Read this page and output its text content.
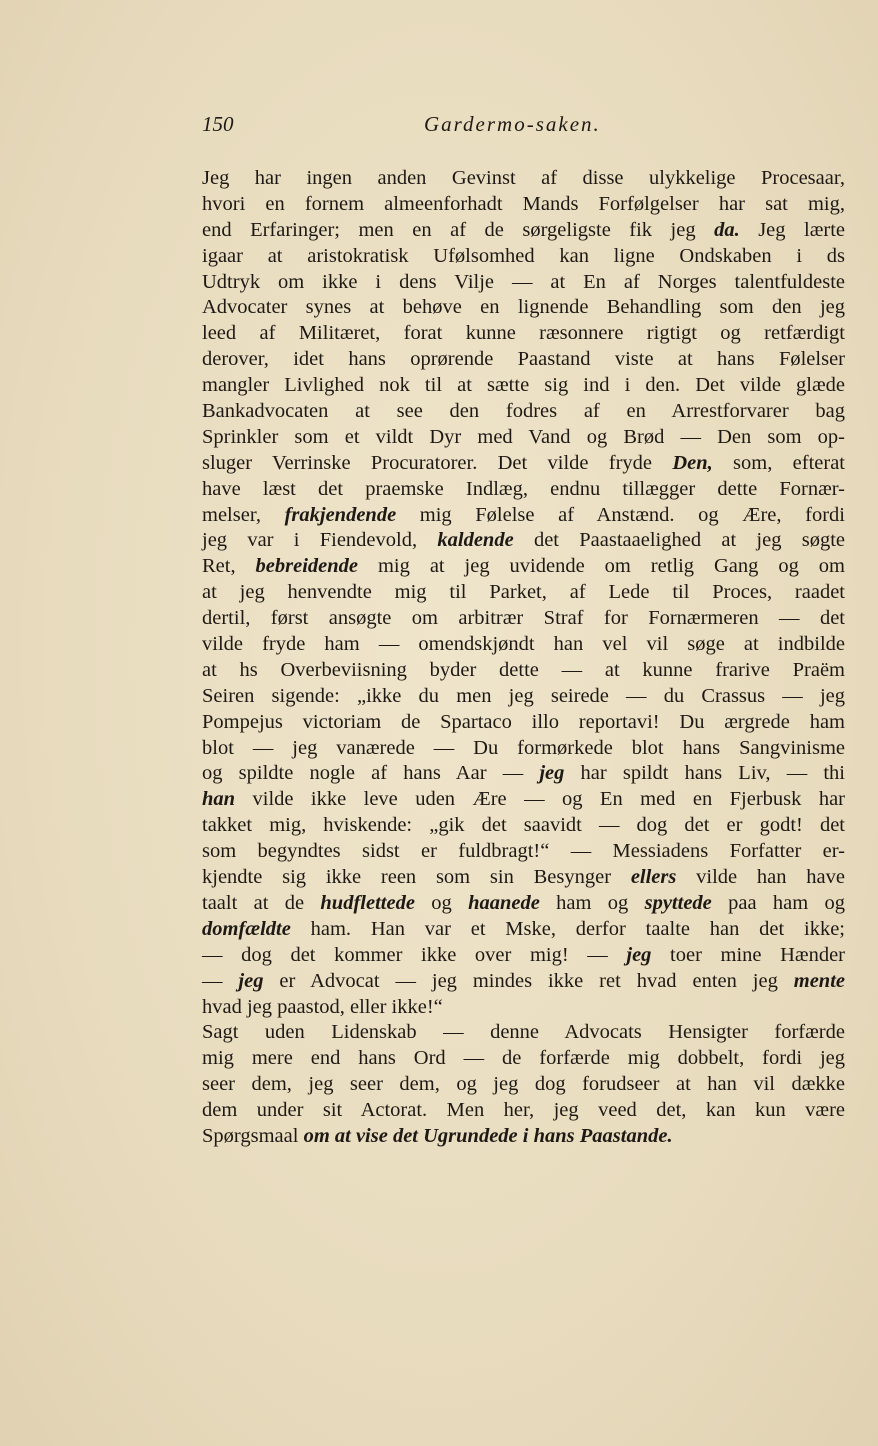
150	Gardermo-saken.
Jeg har ingen anden Gevinst af disse ulykkelige Procesaar,
hvori en fornem almeenforhadt Mands Forfølgelser har sat mig,
end Erfaringer; men en af de sørgeligste fik jeg da. Jeg lærte
igaar at aristokratisk Ufølsomhed kan ligne Ondskaben i ds
Udtryk om ikke i dens Vilje — at En af Norges talentfuldeste
Advocater synes at behøve en lignende Behandling som den jeg
leed af Militæret, forat kunne ræsonnere rigtigt og retfærdigt
derover, idet hans oprørende Paastand viste at hans Følelser
mangler Livlighed nok til at sætte sig ind i den. Det vilde glæde
Bankadvocaten at see den fodres af en Arrestforvarer bag
Sprinkler som et vildt Dyr med Vand og Brød — Den som op-
sluger Verrinske Procuratorer. Det vilde fryde Den, som, efterat
have læst det praemske Indlæg, endnu tillægger dette Fornær-
melser, frakjendende mig Følelse af Anstænd. og Ære, fordi
jeg var i Fiendevold, kaldende det Paastaaelighed at jeg søgte
Ret, bebreidende mig at jeg uvidende om retlig Gang og om
at jeg henvendte mig til Parket, af Lede til Proces, raadet
dertil, først ansøgte om arbitrær Straf for Fornærmeren — det
vilde fryde ham — omendskjøndt han vel vil søge at indbilde
at hs Overbeviisning byder dette — at kunne frarive Praëm
Seiren sigende: „ikke du men jeg seirede — du Crassus — jeg
Pompejus victoriam de Spartaco illo reportavi! Du ærgrede ham
blot — jeg vanærede — Du formørkede blot hans Sangvinisme
og spildte nogle af hans Aar — jeg har spildt hans Liv, — thi
han vilde ikke leve uden Ære — og En med en Fjerbusk har
takket mig, hviskende: „gik det saavidt — dog det er godt! det
som begyndtes sidst er fuldbragt!“ — Messiadens Forfatter er-
kjendte sig ikke reen som sin Besynger ellers vilde han have
taalt at de hudflettede og haanede ham og spyttede paa ham og
domfældte ham. Han var et Mske, derfor taalte han det ikke;
— dog det kommer ikke over mig! — jeg toer mine Hænder
— jeg er Advocat — jeg mindes ikke ret hvad enten jeg mente
hvad jeg paastod, eller ikke!“
Sagt uden Lidenskab — denne Advocats Hensigter forfærde
mig mere end hans Ord — de forfærde mig dobbelt, fordi jeg
seer dem, jeg seer dem, og jeg dog forudseer at han vil dække
dem under sit Actorat. Men her, jeg veed det, kan kun være
Spørgsmaal om at vise det Ugrundede i hans Paastande.
